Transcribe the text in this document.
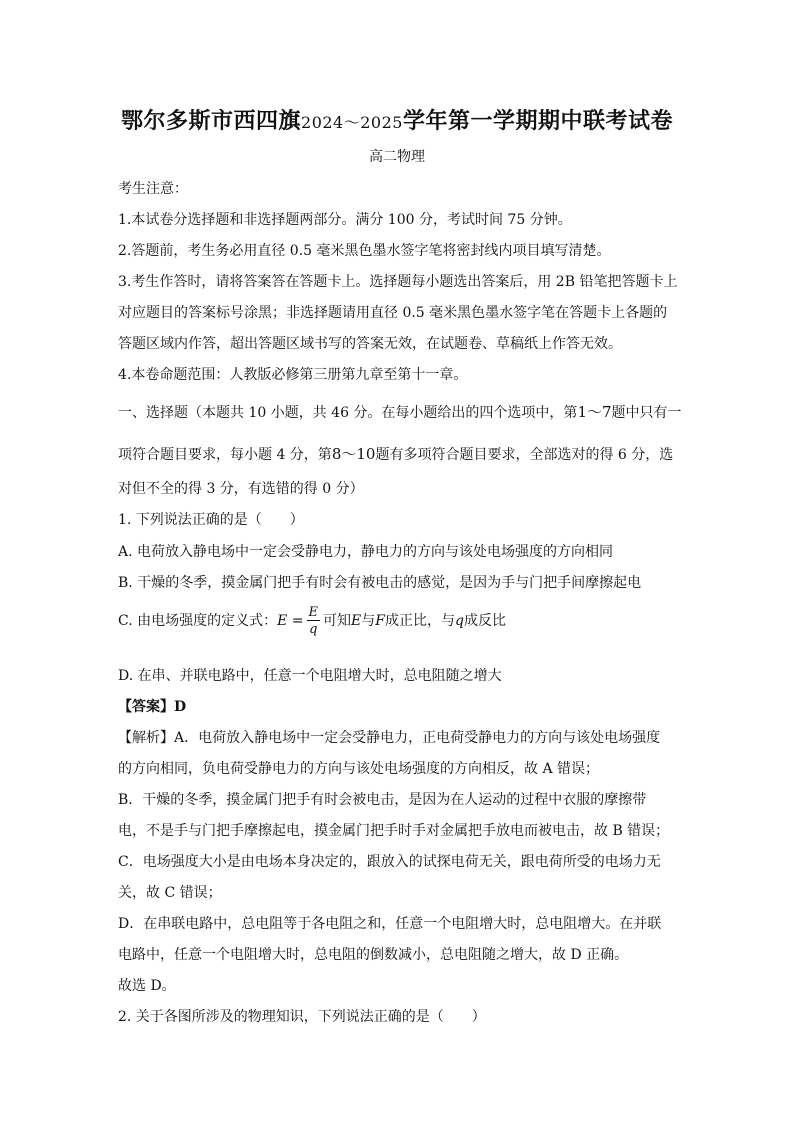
鄂尔多斯市西四旗2024～2025学年第一学期期中联考试卷
高二物理
考生注意：
1.本试卷分选择题和非选择题两部分。满分 100 分，考试时间 75 分钟。
2.答题前，考生务必用直径 0.5 毫米黑色墨水签字笔将密封线内项目填写清楚。
3.考生作答时，请将答案答在答题卡上。选择题每小题选出答案后，用 2B 铅笔把答题卡上
对应题目的答案标号涂黑；非选择题请用直径 0.5 毫米黑色墨水签字笔在答题卡上各题的
答题区域内作答，超出答题区域书写的答案无效，在试题卷、草稿纸上作答无效。
4.本卷命题范围：人教版必修第三册第九章至第十一章。
一、选择题（本题共 10 小题，共 46 分。在每小题给出的四个选项中，第1～7题中只有一
项符合题目要求，每小题 4 分，第8～10题有多项符合题目要求，全部选对的得 6 分，选
对但不全的得 3 分，有选错的得 0 分）
1. 下列说法正确的是（　　）
A. 电荷放入静电场中一定会受静电力，静电力的方向与该处电场强度的方向相同
B. 干燥的冬季，摸金属门把手有时会有被电击的感觉，是因为手与门把手间摩擦起电
C. 由电场强度的定义式：$E = \frac{E}{q}$ 可知E与F成正比，与q成反比
D. 在串、并联电路中，任意一个电阻增大时，总电阻随之增大
【答案】D
【解析】A．电荷放入静电场中一定会受静电力，正电荷受静电力的方向与该处电场强度
的方向相同，负电荷受静电力的方向与该处电场强度的方向相反，故 A 错误；
B．干燥的冬季，摸金属门把手有时会被电击，是因为在人运动的过程中衣服的摩擦带
电，不是手与门把手摩擦起电，摸金属门把手时手对金属把手放电而被电击，故 B 错误；
C．电场强度大小是由电场本身决定的，跟放入的试探电荷无关，跟电荷所受的电场力无
关，故 C 错误；
D．在串联电路中，总电阻等于各电阻之和，任意一个电阻增大时，总电阻增大。在并联
电路中，任意一个电阻增大时，总电阻的倒数减小，总电阻随之增大，故 D 正确。
故选 D。
2. 关于各图所涉及的物理知识，下列说法正确的是（　　）
